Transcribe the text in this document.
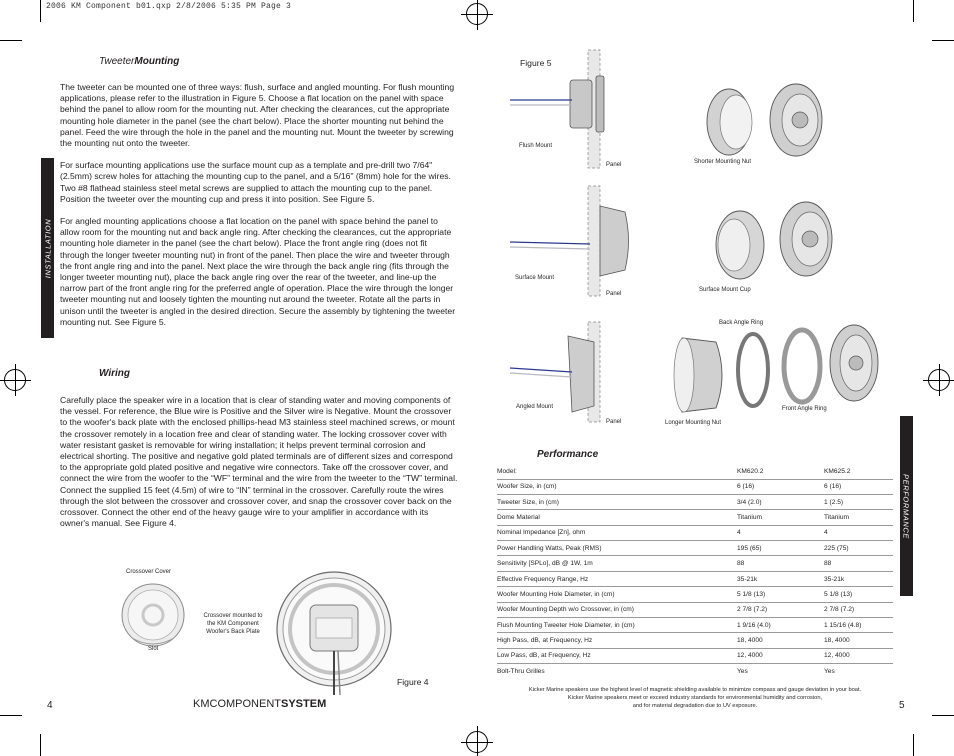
2006 KM Component b01.qxp 2/8/2006 5:35 PM Page 3
INSTALLATION
TweeterMounting

The tweeter can be mounted one of three ways: flush, surface and angled mounting. For flush mounting applications, please refer to the illustration in Figure 5. Choose a flat location on the panel with space behind the panel to allow room for the mounting nut. After checking the clearances, cut the appropriate mounting hole diameter in the panel (see the chart below). Place the shorter mounting nut behind the panel. Feed the wire through the hole in the panel and the mounting nut. Mount the tweeter by screwing the mounting nut onto the tweeter.

For surface mounting applications use the surface mount cup as a template and pre-drill two 7/64" (2.5mm) screw holes for attaching the mounting cup to the panel, and a 5/16" (8mm) hole for the wires. Two #8 flathead stainless steel metal screws are supplied to attach the mounting cup to the panel. Position the tweeter over the mounting cup and press it into position. See Figure 5.

For angled mounting applications choose a flat location on the panel with space behind the panel to allow room for the mounting nut and back angle ring. After checking the clearances, cut the appropriate mounting hole diameter in the panel (see the chart below). Place the front angle ring (does not fit through the longer tweeter mounting nut) in front of the panel. Then place the wire and tweeter through the front angle ring and into the panel. Next place the wire through the back angle ring (fits through the longer tweeter mounting nut), place the back angle ring over the rear of the tweeter, and line-up the narrow part of the front angle ring for the preferred angle of operation. Place the wire through the longer tweeter mounting nut and loosely tighten the mounting nut around the tweeter. Rotate all the parts in unison until the tweeter is angled in the desired direction. Secure the assembly by tightening the tweeter mounting nut. See Figure 5.

Wiring
Carefully place the speaker wire in a location that is clear of standing water and moving components of the vessel. For reference, the Blue wire is Positive and the Silver wire is Negative. Mount the crossover to the woofer's back plate with the enclosed phillips-head M3 stainless steel machined screws, or mount the crossover remotely in a location free and clear of standing water. The locking crossover cover with water resistant gasket is removable for wiring installation; it helps prevent terminal corrosion and electrical shorting. The positive and negative gold plated terminals are of different sizes and correspond to the appropriate gold plated positive and negative wire connectors. Take off the crossover cover, and connect the wire from the woofer to the “WF” terminal and the wire from the tweeter to the “TW” terminal. Connect the supplied 15 feet (4.5m) of wire to “IN” terminal in the crossover. Carefully route the wires through the slot between the crossover and crossover cover, and snap the crossover cover back on the crossover. Connect the other end of the heavy gauge wire to your amplifier in accordance with its owner's manual. See Figure 4.
Crossover Cover
Slot
Crossover mounted to
the KM Component
Woofer's Back Plate
Figure 4
4	KMCOMPONENTSYSTEM
PERFORMANCE
Figure 5
Flush Mount
Panel	Shorter Mounting Nut
Surface Mount
Panel
Surface Mount Cup
Angled Mount
Panel
Back Angle Ring
Front Angle Ring
Longer Mounting Nut
Performance
Model:	KM620.2	KM625.2
Woofer Size, in (cm)	6 (16)	6 (16)
Tweeter Size, in (cm)	3/4 (2.0)	1 (2.5)
Dome Material	Titanium	Titanium
Nominal Impedance [Zn], ohm	4	4
Power Handling Watts, Peak (RMS)	195 (65)	225 (75)
Sensitivity [SPLo], dB @ 1W, 1m	88	88
Effective Frequency Range, Hz	35-21k	35-21k
Woofer Mounting Hole Diameter, in (cm)	5 1/8 (13)	5 1/8 (13)
Woofer Mounting Depth w/o Crossover, in (cm)	2 7/8 (7.2)	2 7/8 (7.2)
Flush Mounting Tweeter Hole Diameter, in (cm)	1 9/16 (4.0)	1 15/16 (4.8)
High Pass, dB, at Frequency, Hz	18, 4000	18, 4000
Low Pass, dB, at Frequency, Hz	12, 4000	12, 4000
Bolt-Thru Grilles	Yes	Yes
Kicker Marine speakers use the highest level of magnetic shielding available to minimize compass and gauge deviation in your boat.
Kicker Marine speakers meet or exceed industry standards for environmental humidity and corrosion,
and for material degradation due to UV exposure.	5
